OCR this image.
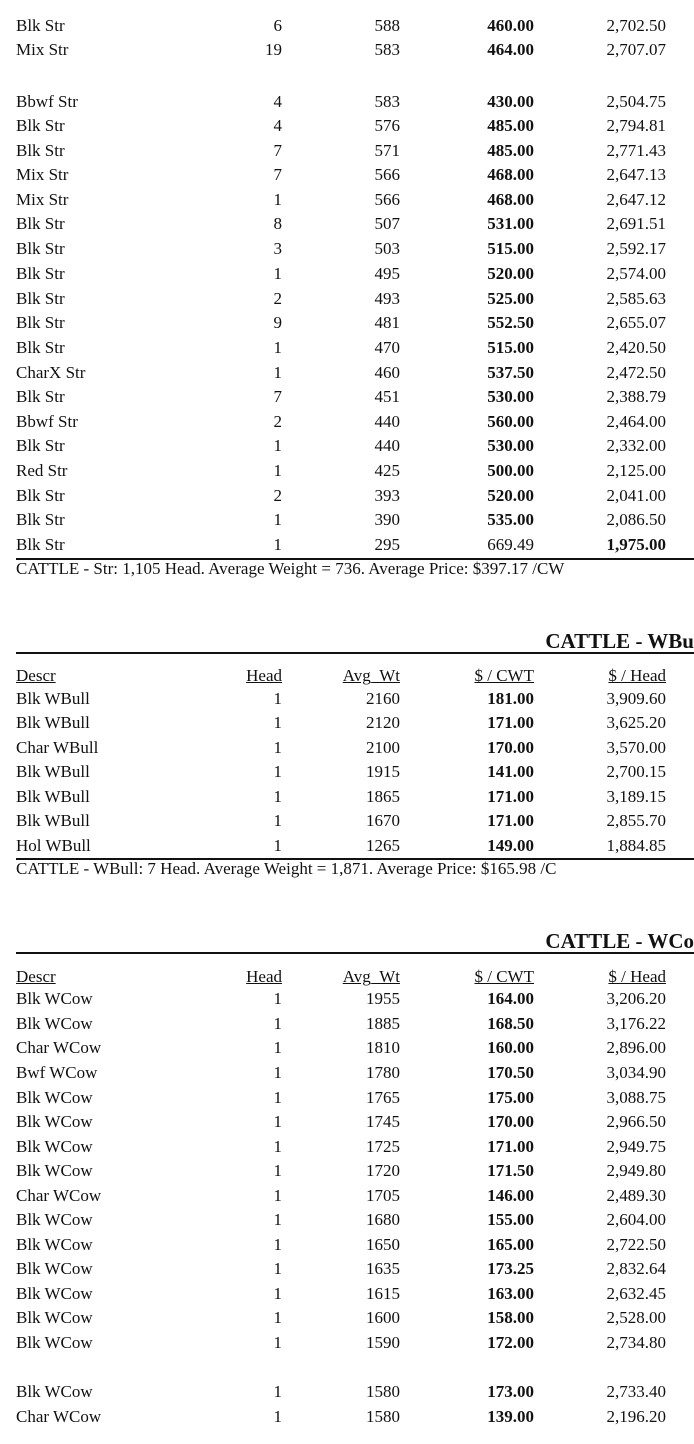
Blk Str	6	588	460.00	2,702.50
Mix Str	19	583	464.00	2,707.07
Bbwf Str	4	583	430.00	2,504.75
Blk Str	4	576	485.00	2,794.81
Blk Str	7	571	485.00	2,771.43
Mix Str	7	566	468.00	2,647.13
Mix Str	1	566	468.00	2,647.12
Blk Str	8	507	531.00	2,691.51
Blk Str	3	503	515.00	2,592.17
Blk Str	1	495	520.00	2,574.00
Blk Str	2	493	525.00	2,585.63
Blk Str	9	481	552.50	2,655.07
Blk Str	1	470	515.00	2,420.50
CharX Str	1	460	537.50	2,472.50
Blk Str	7	451	530.00	2,388.79
Bbwf Str	2	440	560.00	2,464.00
Blk Str	1	440	530.00	2,332.00
Red Str	1	425	500.00	2,125.00
Blk Str	2	393	520.00	2,041.00
Blk Str	1	390	535.00	2,086.50
Blk Str	1	295	669.49	1,975.00
CATTLE - Str: 1,105 Head. Average Weight = 736. Average Price: $397.17 /CW
CATTLE - WBu
Descr	Head	Avg_Wt	$ / CWT	$ / Head
Blk WBull	1	2160	181.00	3,909.60
Blk WBull	1	2120	171.00	3,625.20
Char WBull	1	2100	170.00	3,570.00
Blk WBull	1	1915	141.00	2,700.15
Blk WBull	1	1865	171.00	3,189.15
Blk WBull	1	1670	171.00	2,855.70
Hol WBull	1	1265	149.00	1,884.85
CATTLE - WBull: 7 Head. Average Weight = 1,871. Average Price: $165.98 /C
CATTLE - WCo
Descr	Head	Avg_Wt	$ / CWT	$ / Head
Blk WCow	1	1955	164.00	3,206.20
Blk WCow	1	1885	168.50	3,176.22
Char WCow	1	1810	160.00	2,896.00
Bwf WCow	1	1780	170.50	3,034.90
Blk WCow	1	1765	175.00	3,088.75
Blk WCow	1	1745	170.00	2,966.50
Blk WCow	1	1725	171.00	2,949.75
Blk WCow	1	1720	171.50	2,949.80
Char WCow	1	1705	146.00	2,489.30
Blk WCow	1	1680	155.00	2,604.00
Blk WCow	1	1650	165.00	2,722.50
Blk WCow	1	1635	173.25	2,832.64
Blk WCow	1	1615	163.00	2,632.45
Blk WCow	1	1600	158.00	2,528.00
Blk WCow	1	1590	172.00	2,734.80
Blk WCow	1	1580	173.00	2,733.40
Char WCow	1	1580	139.00	2,196.20
